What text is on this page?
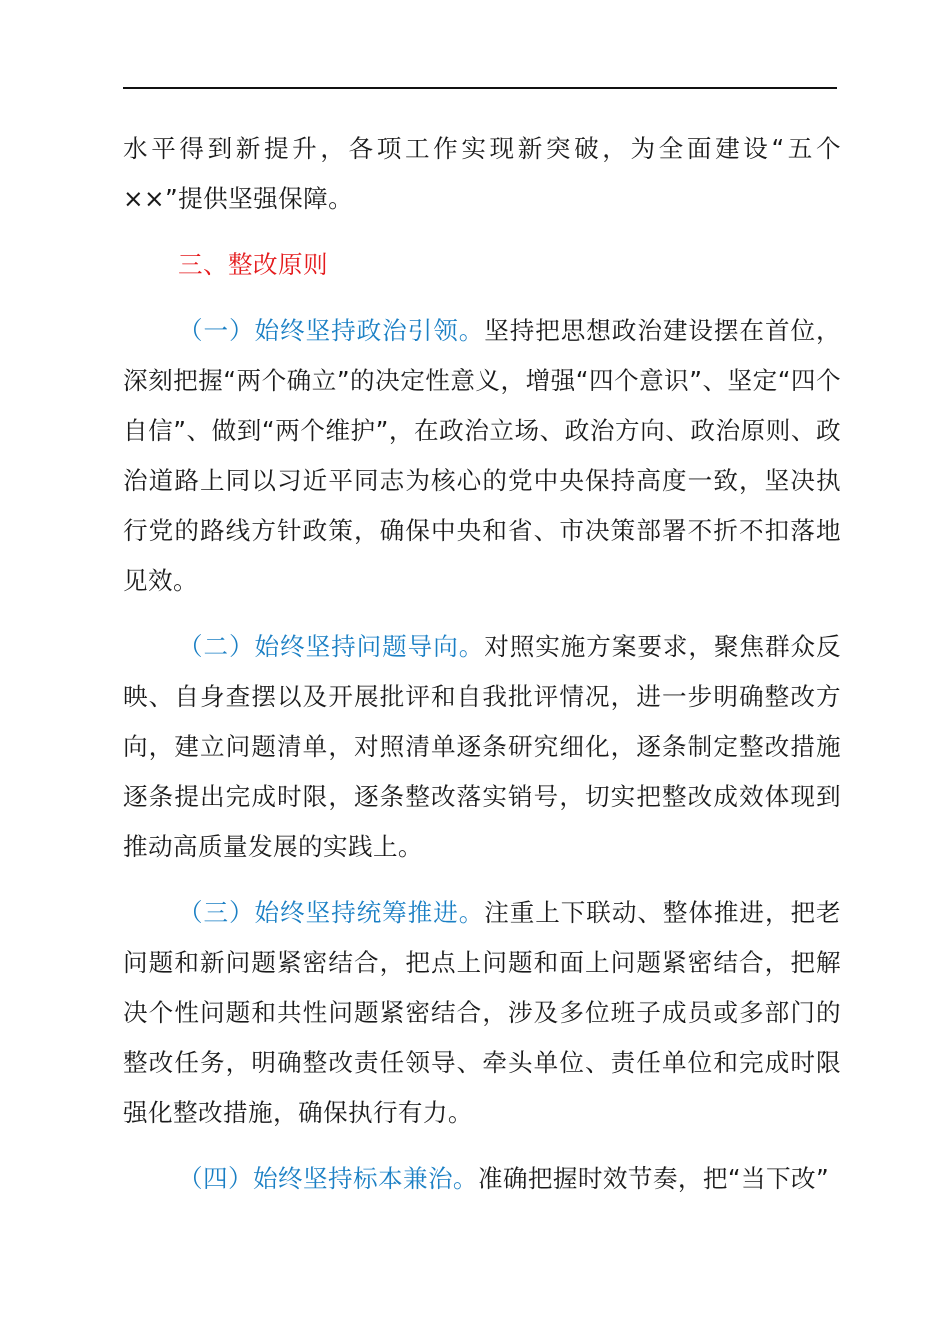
水平得到新提升，各项工作实现新突破，为全面建设“五个××”提供坚强保障。

三、整改原则

（一）始终坚持政治引领。坚持把思想政治建设摆在首位，深刻把握“两个确立”的决定性意义，增强“四个意识”、坚定“四个自信”、做到“两个维护”，在政治立场、政治方向、政治原则、政治道路上同以习近平同志为核心的党中央保持高度一致，坚决执行党的路线方针政策，确保中央和省、市决策部署不折不扣落地见效。

（二）始终坚持问题导向。对照实施方案要求，聚焦群众反映、自身查摆以及开展批评和自我批评情况，进一步明确整改方向，建立问题清单，对照清单逐条研究细化，逐条制定整改措施逐条提出完成时限，逐条整改落实销号，切实把整改成效体现到推动高质量发展的实践上。

（三）始终坚持统筹推进。注重上下联动、整体推进，把老问题和新问题紧密结合，把点上问题和面上问题紧密结合，把解决个性问题和共性问题紧密结合，涉及多位班子成员或多部门的整改任务，明确整改责任领导、牵头单位、责任单位和完成时限强化整改措施，确保执行有力。

（四）始终坚持标本兼治。准确把握时效节奏，把“当下改”
